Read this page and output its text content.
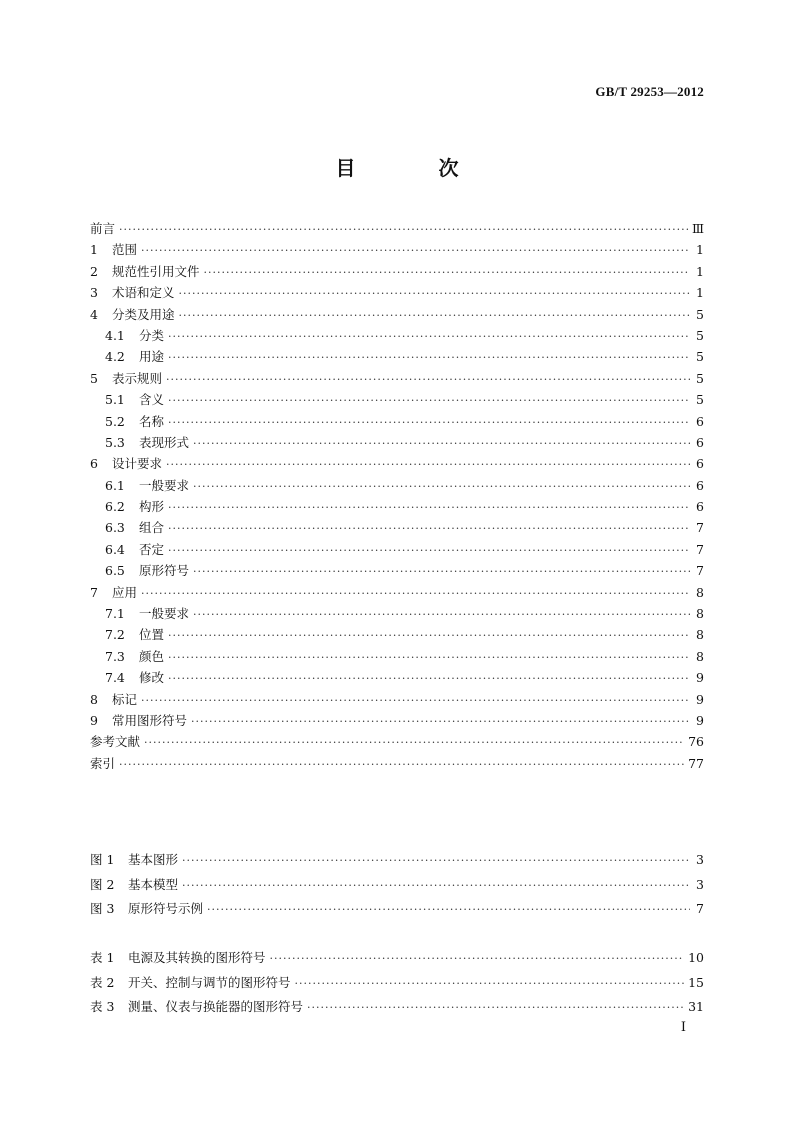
GB/T 29253—2012
目 次
前言 ·····	Ⅲ
1	范围 ·····	1
2	规范性引用文件 ·····	1
3	术语和定义 ·····	1
4	分类及用途 ·····	5
4.1	分类 ·····	5
4.2	用途 ·····	5
5	表示规则 ·····	5
5.1	含义 ·····	5
5.2	名称 ·····	6
5.3	表现形式 ·····	6
6	设计要求 ·····	6
6.1	一般要求 ·····	6
6.2	构形 ·····	6
6.3	组合 ·····	7
6.4	否定 ·····	7
6.5	原形符号 ·····	7
7	应用 ·····	8
7.1	一般要求 ·····	8
7.2	位置 ·····	8
7.3	颜色 ·····	8
7.4	修改 ·····	9
8	标记 ·····	9
9	常用图形符号 ·····	9
参考文献 ·····	76
索引 ·····	77
图 1	基本图形 ·····	3
图 2	基本模型 ·····	3
图 3	原形符号示例 ·····	7
表 1	电源及其转换的图形符号 ·····	10
表 2	开关、控制与调节的图形符号 ·····	15
表 3	测量、仪表与换能器的图形符号 ·····	31
I
